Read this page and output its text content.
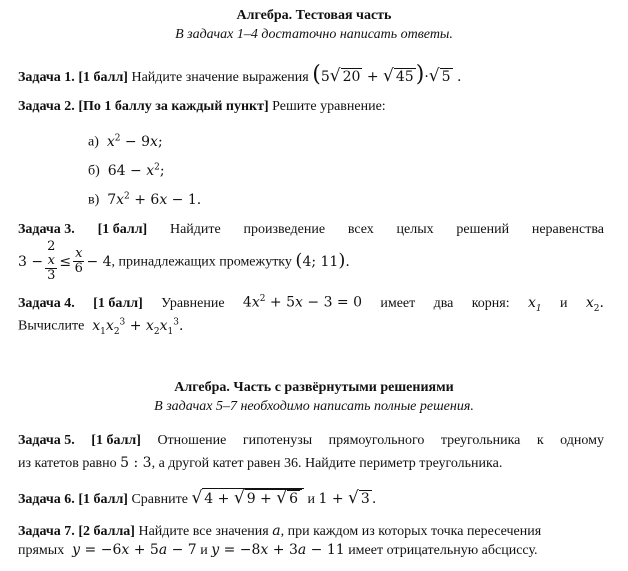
Алгебра. Тестовая часть
В задачах 1–4 достаточно написать ответы.
Задача 1. [1 балл] Найдите значение выражения (5√ 20 + √ 45)·√ 5 .
Задача 2. [По 1 баллу за каждый пункт] Решите уравнение:
а) $x^2 - 9x$;
б)  $64 - x^2$;
в)  $7x^2 + 6x - 1$.
Задача 3. [1 балл] Найдите произведение всех целых решений неравенства
3 − 2
x
$3 \le \frac{x}{6} - 4$, принадлежащих промежутку (4; 11).
Задача 4. [1 балл] Уравнение $4x^2 + 5x - 3 = 0$ имеет два корня: $x_1$ и $x_2$.
Вычислите $x_1x_2^3 + x_2x_1^3$.
Алгебра. Часть с развёрнутыми решениями
В задачах 5–7 необходимо написать полные решения.
Задача 5. [1 балл] Отношение гипотенузы прямоугольного треугольника к одному
из катетов равно 5 : 3, а другой катет равен 36. Найдите периметр треугольника.
Задача 6. [1 балл] Сравните √ 4 + √ 9 + √ 6 и 1 + √ 3 .
Задача 7. [2 балла] Найдите все значения a, при каждом из которых точка пересечения
прямых y = −6x + 5a − 7 и y = −8x + 3a − 11 имеет отрицательную абсциссу.
